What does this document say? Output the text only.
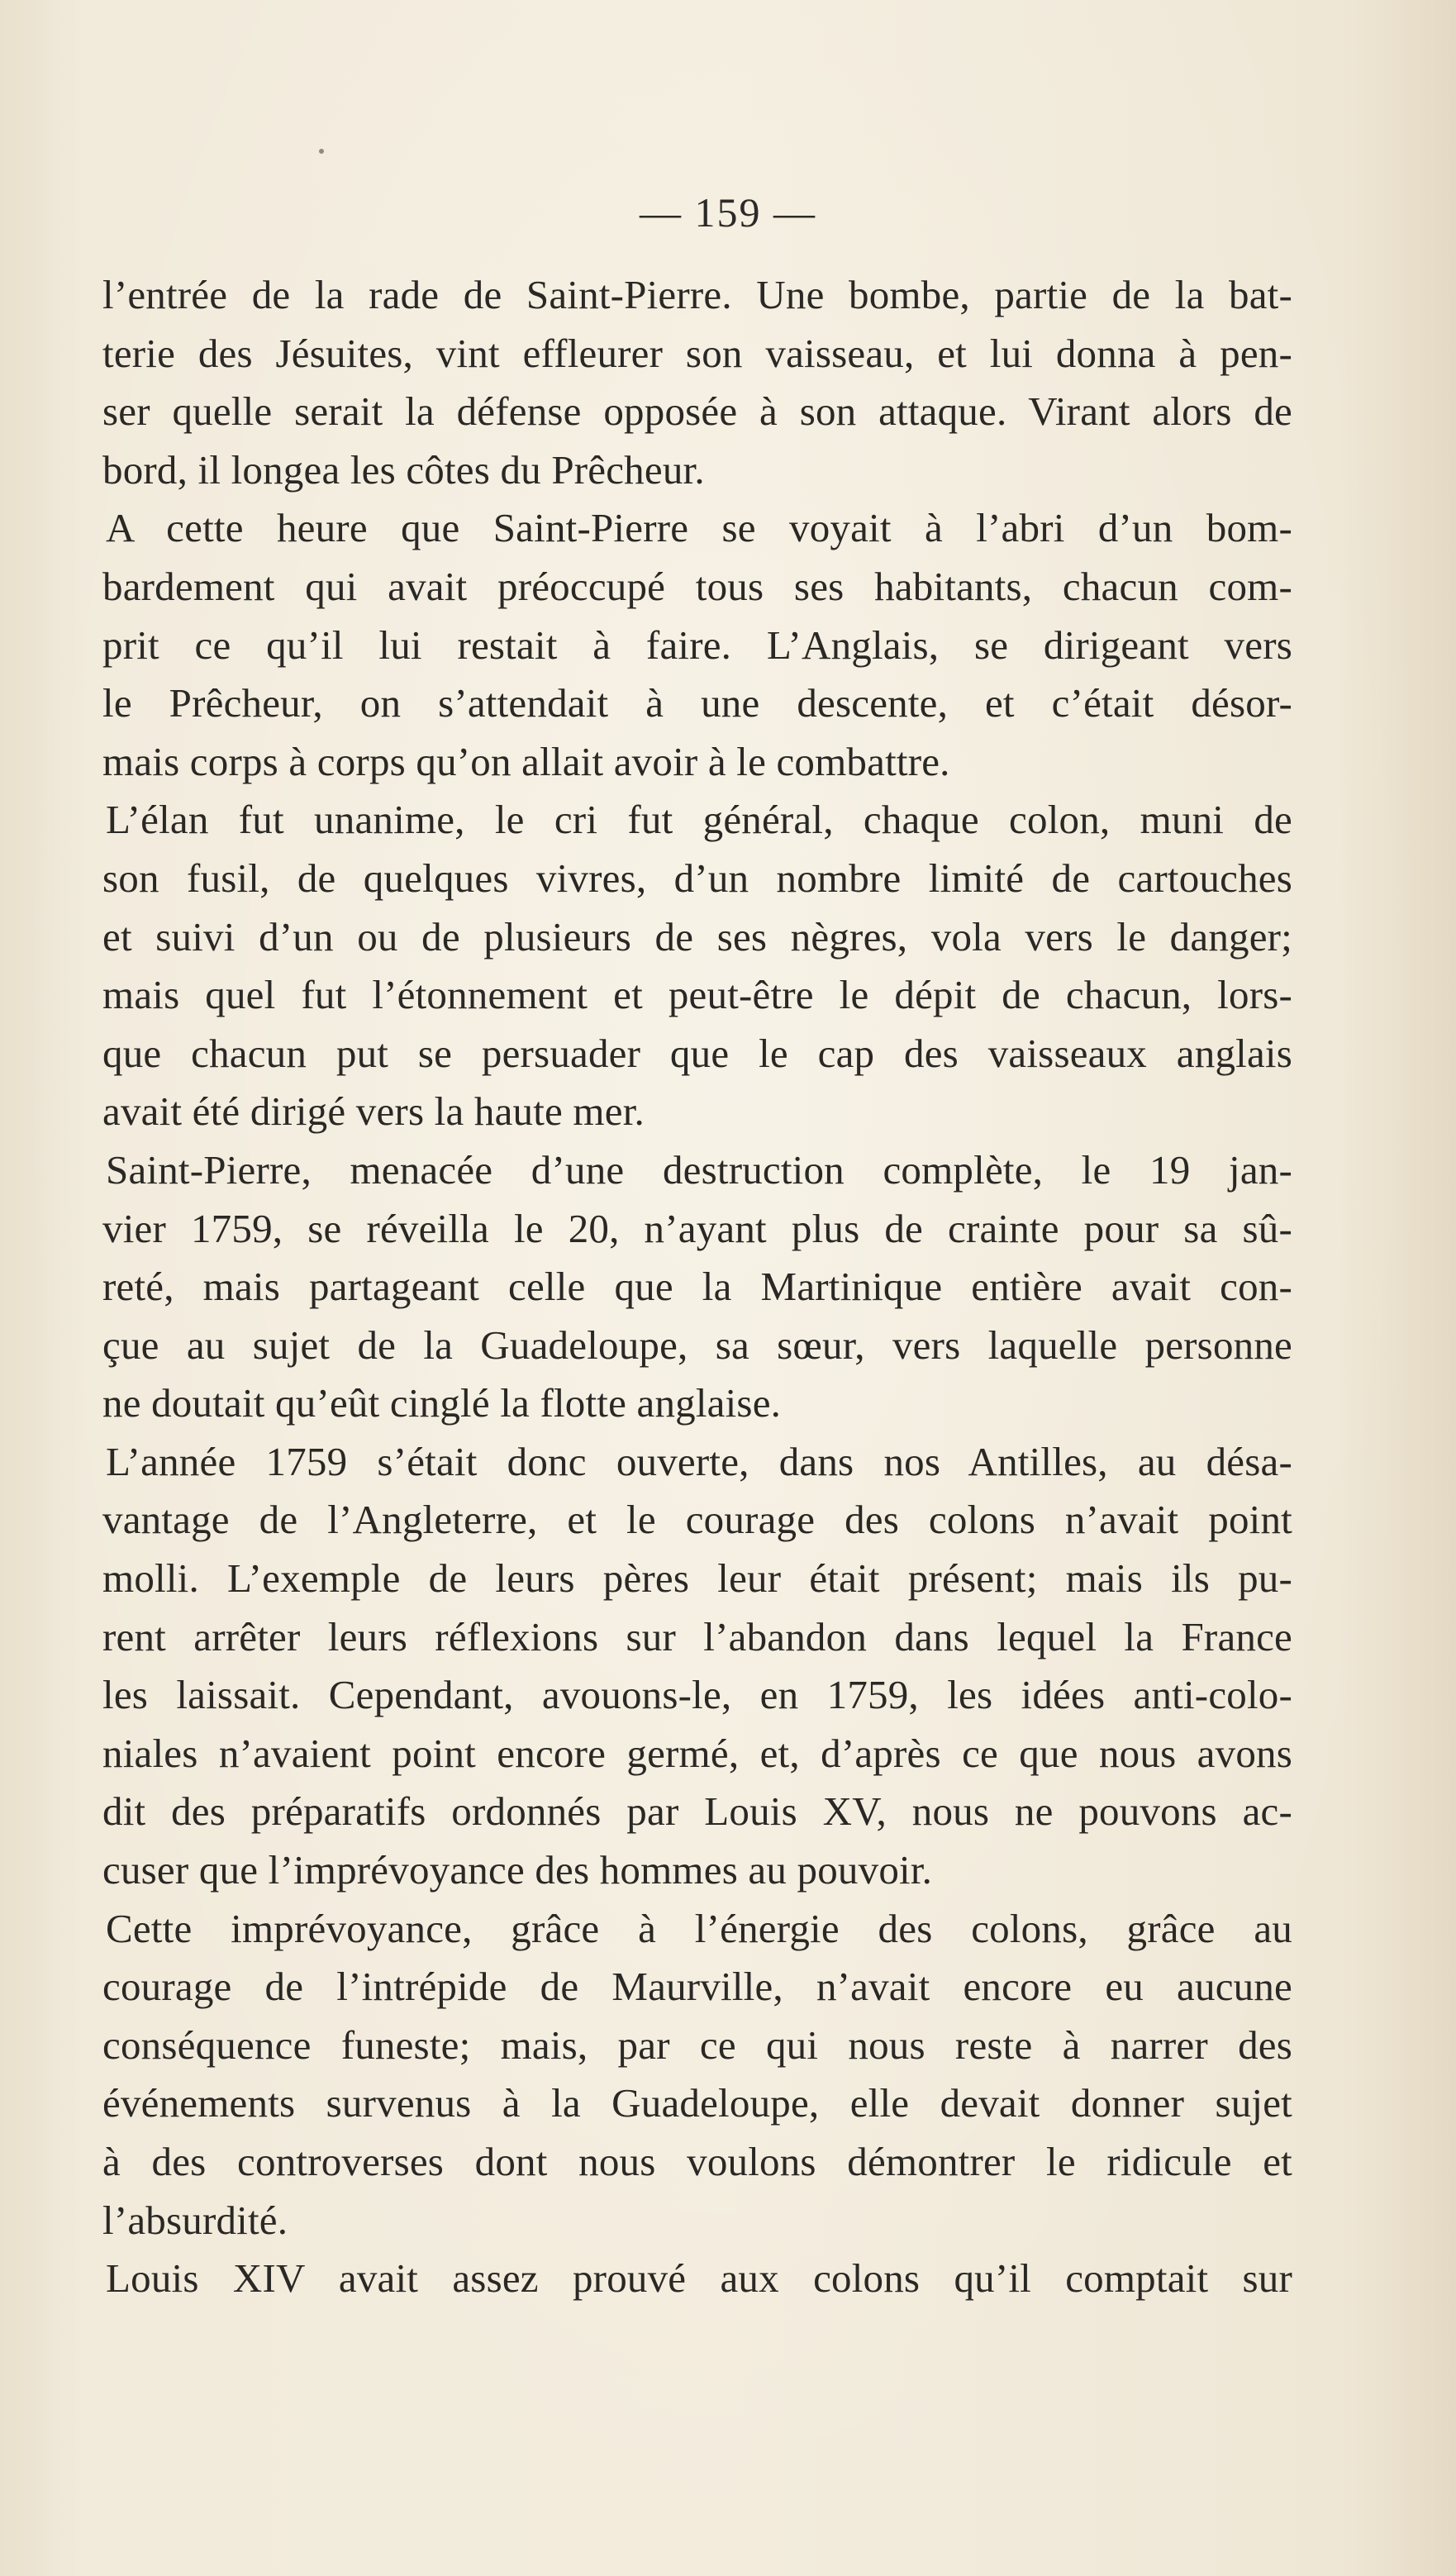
— 159 —

l’entrée de la rade de Saint-Pierre. Une bombe, partie de la bat-
terie des Jésuites, vint effleurer son vaisseau, et lui donna à pen-
ser quelle serait la défense opposée à son attaque. Virant alors de
bord, il longea les côtes du Prêcheur.

A cette heure que Saint-Pierre se voyait à l’abri d’un bom-
bardement qui avait préoccupé tous ses habitants, chacun com-
prit ce qu’il lui restait à faire. L’Anglais, se dirigeant vers
le Prêcheur, on s’attendait à une descente, et c’était désor-
mais corps à corps qu’on allait avoir à le combattre.

L’élan fut unanime, le cri fut général, chaque colon, muni de
son fusil, de quelques vivres, d’un nombre limité de cartouches
et suivi d’un ou de plusieurs de ses nègres, vola vers le danger;
mais quel fut l’étonnement et peut-être le dépit de chacun, lors-
que chacun put se persuader que le cap des vaisseaux anglais
avait été dirigé vers la haute mer.

Saint-Pierre, menacée d’une destruction complète, le 19 jan-
vier 1759, se réveilla le 20, n’ayant plus de crainte pour sa sû-
reté, mais partageant celle que la Martinique entière avait con-
çue au sujet de la Guadeloupe, sa sœur, vers laquelle personne
ne doutait qu’eût cinglé la flotte anglaise.

L’année 1759 s’était donc ouverte, dans nos Antilles, au désa-
vantage de l’Angleterre, et le courage des colons n’avait point
molli. L’exemple de leurs pères leur était présent; mais ils pu-
rent arrêter leurs réflexions sur l’abandon dans lequel la France
les laissait. Cependant, avouons-le, en 1759, les idées anti-colo-
niales n’avaient point encore germé, et, d’après ce que nous avons
dit des préparatifs ordonnés par Louis XV, nous ne pouvons ac-
cuser que l’imprévoyance des hommes au pouvoir.

Cette imprévoyance, grâce à l’énergie des colons, grâce au
courage de l’intrépide de Maurville, n’avait encore eu aucune
conséquence funeste; mais, par ce qui nous reste à narrer des
événements survenus à la Guadeloupe, elle devait donner sujet
à des controverses dont nous voulons démontrer le ridicule et
l’absurdité.

Louis XIV avait assez prouvé aux colons qu’il comptait sur
